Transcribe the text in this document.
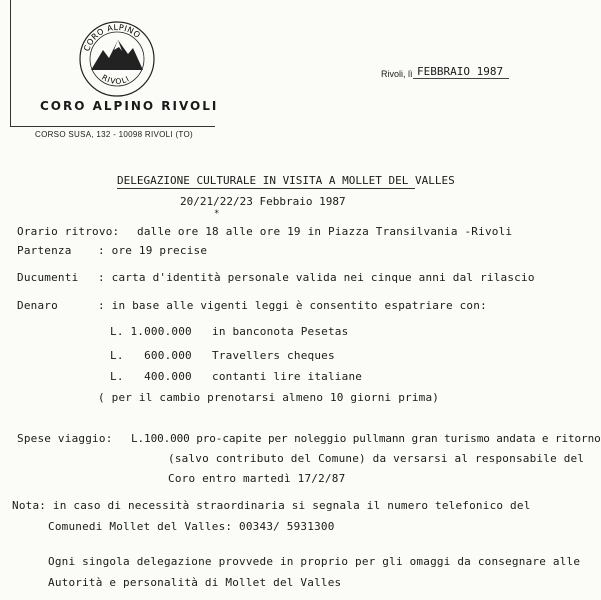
CORO ALPINO
RIVOLI
CORO ALPINO RIVOLI
CORSO SUSA, 132 - 10098 RIVOLI (TO)
Rivoli, lì FEBBRAIO 1987
DELEGAZIONE CULTURALE IN VISITA A MOLLET DEL VALLES
20/21/22/23 Febbraio 1987
*
Orario ritrovo: dalle ore 18 alle ore 19 in Piazza Transilvania -Rivoli
Partenza : ore 19 precise
Ducumenti : carta d'identità personale valida nei cinque anni dal rilascio
Denaro	: in base alle vigenti leggi è consentito espatriare con:
L. 1.000.000 in banconota Pesetas
L.   600.000 Travellers cheques
L.   400.000 contanti lire italiane
( per il cambio prenotarsi almeno 10 giorni prima)
Spese viaggio: L.100.000 pro-capite per noleggio pullmann gran turismo andata e ritorno
(salvo contributo del Comune) da versarsi al responsabile del
Coro entro martedì 17/2/87
Nota: in caso di necessità straordinaria si segnala il numero telefonico del
Comunedi Mollet del Valles: 00343/ 5931300
Ogni singola delegazione provvede in proprio per gli omaggi da consegnare alle
Autorità e personalità di Mollet del Valles
